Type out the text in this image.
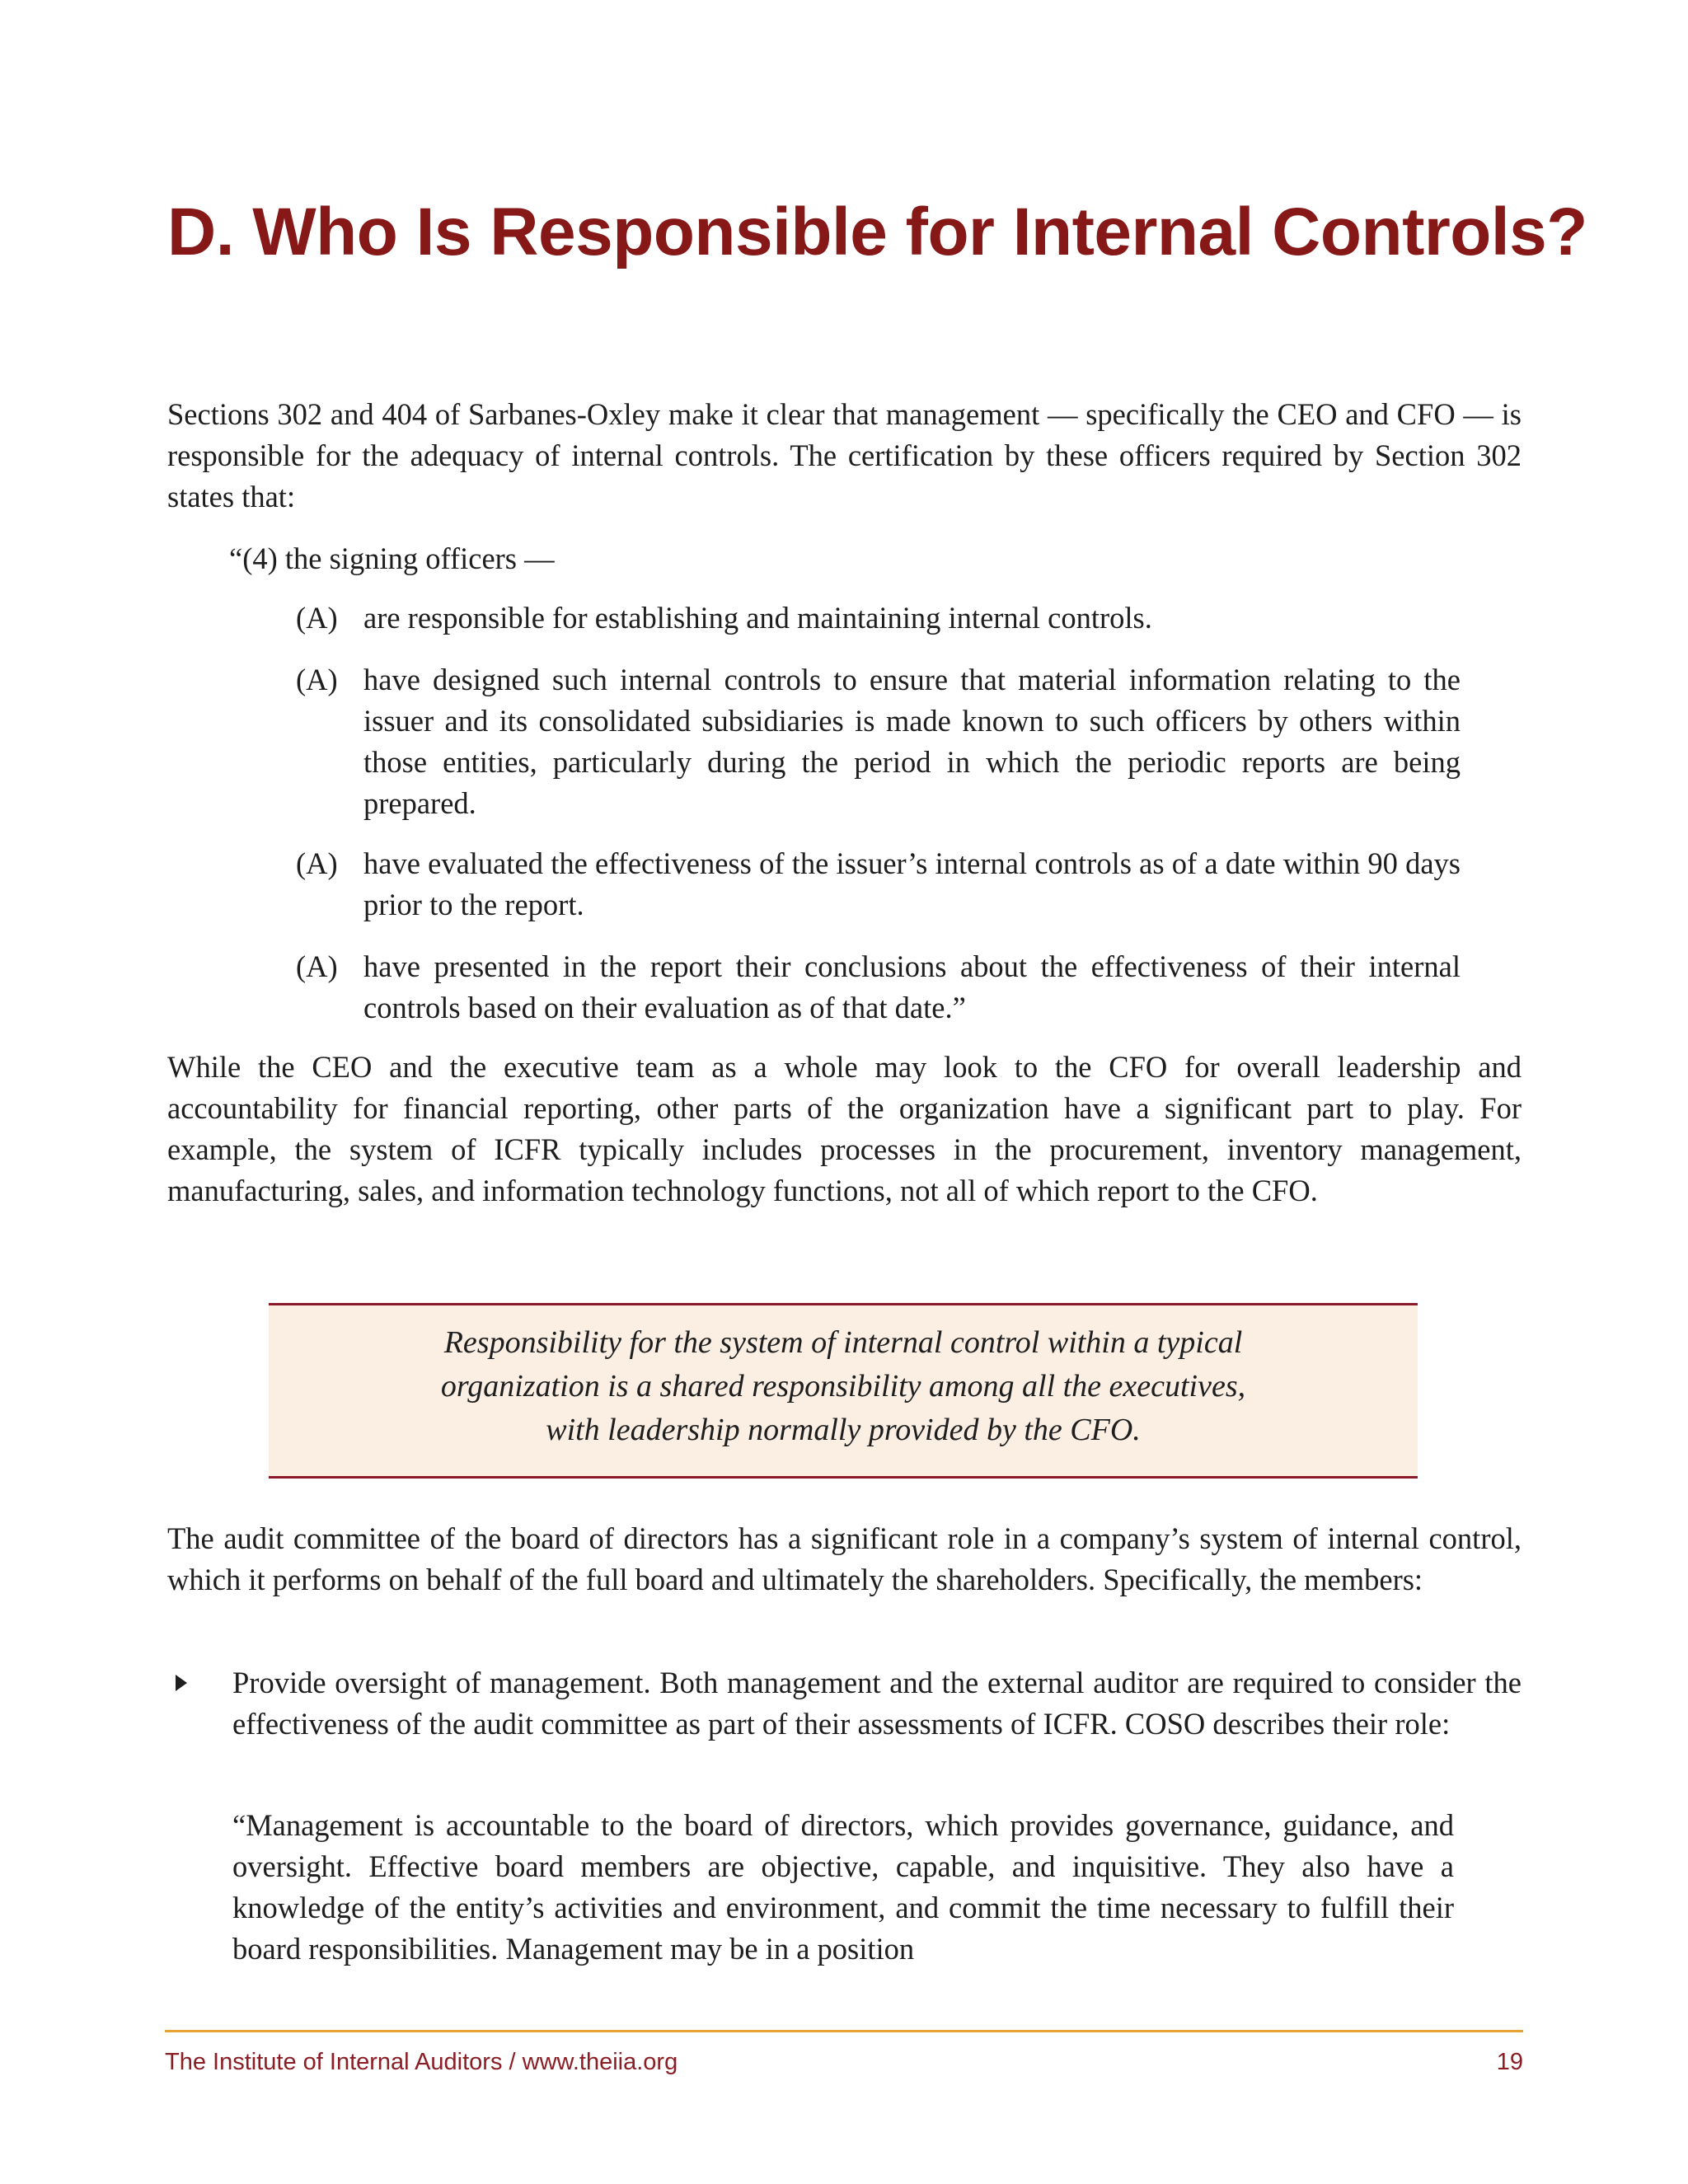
D. Who Is Responsible for Internal Controls?

Sections 302 and 404 of Sarbanes-Oxley make it clear that management — specifically the CEO and CFO — is responsible for the adequacy of internal controls. The certification by these officers required by Section 302 states that:

“(4) the signing officers —

(A) are responsible for establishing and maintaining internal controls.
(A) have designed such internal controls to ensure that material information relating to the issuer and its consolidated subsidiaries is made known to such officers by others within those entities, particularly during the period in which the periodic reports are being prepared.
(A) have evaluated the effectiveness of the issuer’s internal controls as of a date within 90 days prior to the report.
(A) have presented in the report their conclusions about the effectiveness of their internal controls based on their evaluation as of that date.”

While the CEO and the executive team as a whole may look to the CFO for overall leadership and accountability for financial reporting, other parts of the organization have a significant part to play. For example, the system of ICFR typically includes processes in the procurement, inventory management, manufacturing, sales, and information technology functions, not all of which report to the CFO.

Responsibility for the system of internal control within a typical
organization is a shared responsibility among all the executives,
with leadership normally provided by the CFO.

The audit committee of the board of directors has a significant role in a company’s system of internal control, which it performs on behalf of the full board and ultimately the shareholders. Specifically, the members:

Provide oversight of management. Both management and the external auditor are required to consider the effectiveness of the audit committee as part of their assessments of ICFR. COSO describes their role:

“Management is accountable to the board of directors, which provides governance, guidance, and oversight. Effective board members are objective, capable, and inquisitive. They also have a knowledge of the entity’s activities and environment, and commit the time necessary to fulfill their board responsibilities. Management may be in a position

The Institute of Internal Auditors / www.theiia.org	19
